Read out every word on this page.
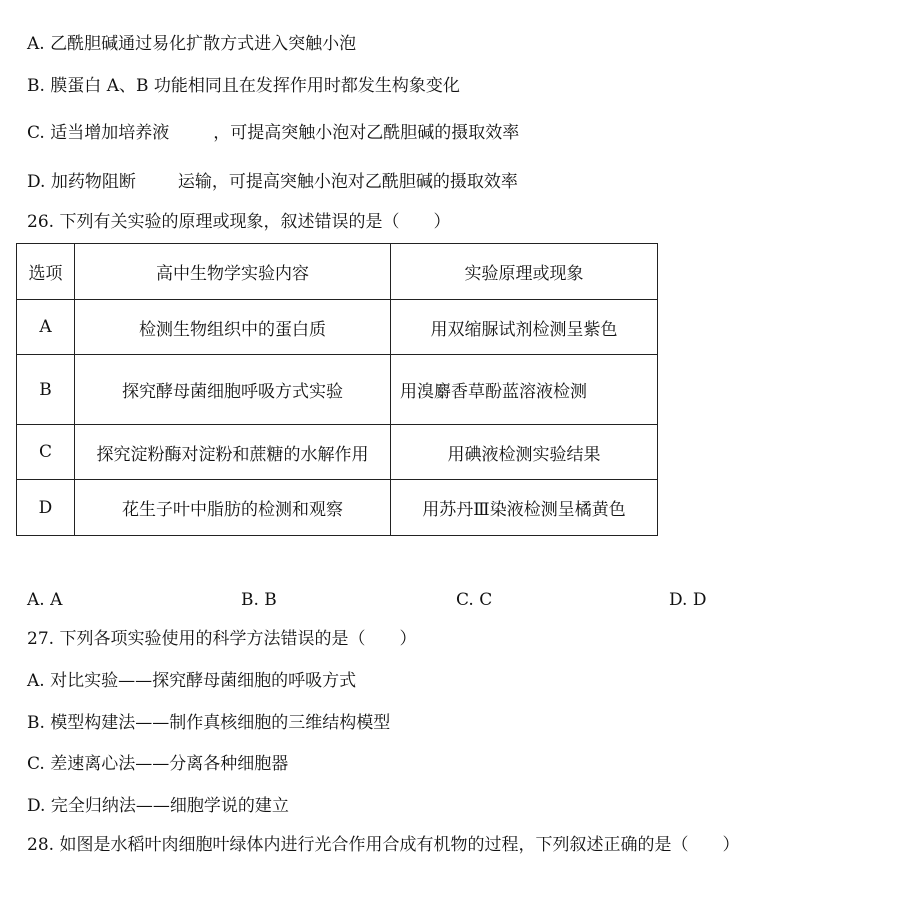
A. 乙酰胆碱通过易化扩散方式进入突触小泡
B. 膜蛋白 A、B 功能相同且在发挥作用时都发生构象变化
C. 适当增加培养液	，可提高突触小泡对乙酰胆碱的摄取效率
D. 加药物阻断 运输，可提高突触小泡对乙酰胆碱的摄取效率
26. 下列有关实验的原理或现象，叙述错误的是（　　）
选项	高中生物学实验内容	实验原理或现象
A	检测生物组织中的蛋白质	用双缩脲试剂检测呈紫色
B	探究酵母菌细胞呼吸方式实验	用溴麝香草酚蓝溶液检测
C	探究淀粉酶对淀粉和蔗糖的水解作用	用碘液检测实验结果
D	花生子叶中脂肪的检测和观察	用苏丹Ⅲ染液检测呈橘黄色
A. A	B. B	C. C	D. D
27. 下列各项实验使用的科学方法错误的是（　　）
A. 对比实验——探究酵母菌细胞的呼吸方式
B. 模型构建法——制作真核细胞的三维结构模型
C. 差速离心法——分离各种细胞器
D. 完全归纳法——细胞学说的建立
28. 如图是水稻叶肉细胞叶绿体内进行光合作用合成有机物的过程，下列叙述正确的是（　　）
